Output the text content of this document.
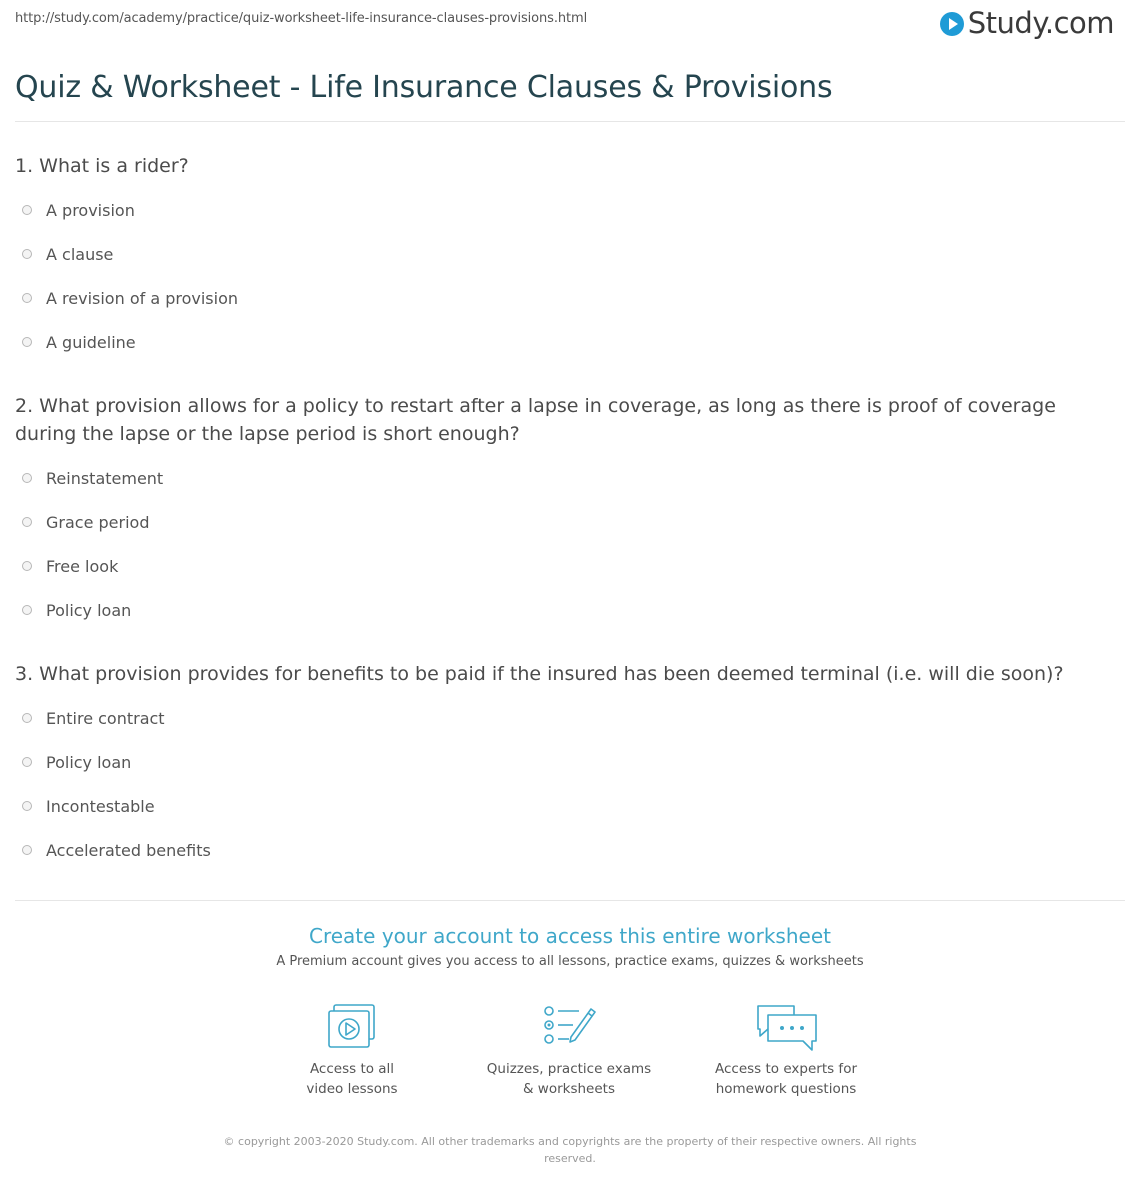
http://study.com/academy/practice/quiz-worksheet-life-insurance-clauses-provisions.html	Study.com
Quiz & Worksheet - Life Insurance Clauses & Provisions

1. What is a rider?

A provision
A clause
A revision of a provision
A guideline

2. What provision allows for a policy to restart after a lapse in coverage, as long as there is proof of coverage during the lapse or the lapse period is short enough?

Reinstatement
Grace period
Free look
Policy loan

3. What provision provides for benefits to be paid if the insured has been deemed terminal (i.e. will die soon)?

Entire contract
Policy loan
Incontestable
Accelerated benefits
Create your account to access this entire worksheet
A Premium account gives you access to all lessons, practice exams, quizzes & worksheets
Access to all
video lessons
Quizzes, practice exams
& worksheets
Access to experts for
homework questions
© copyright 2003-2020 Study.com. All other trademarks and copyrights are the property of their respective owners. All rights
reserved.
